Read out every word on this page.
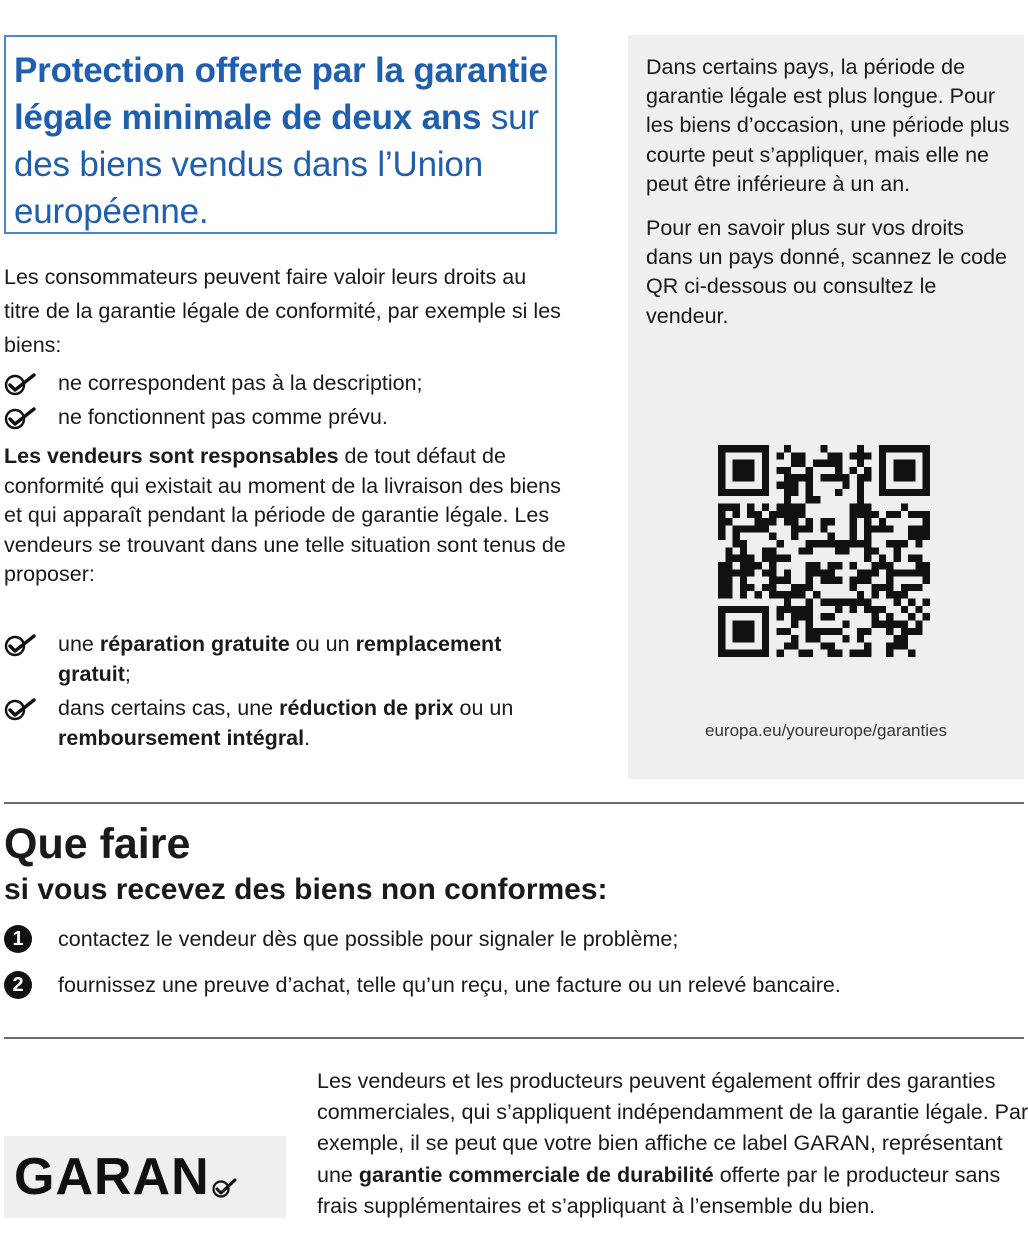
Protection offerte par la garantie légale minimale de deux ans sur des biens vendus dans l’Union européenne.

Les consommateurs peuvent faire valoir leurs droits au titre de la garantie légale de conformité, par exemple si les biens:

ne correspondent pas à la description;
ne fonctionnent pas comme prévu.

Les vendeurs sont responsables de tout défaut de conformité qui existait au moment de la livraison des biens et qui apparaît pendant la période de garantie légale. Les vendeurs se trouvant dans une telle situation sont tenus de proposer:

une réparation gratuite ou un remplacement gratuit;
dans certains cas, une réduction de prix ou un remboursement intégral.

Dans certains pays, la période de garantie légale est plus longue. Pour les biens d’occasion, une période plus courte peut s’appliquer, mais elle ne peut être inférieure à un an.

Pour en savoir plus sur vos droits dans un pays donné, scannez le code QR ci-dessous ou consultez le vendeur.

europa.eu/youreurope/garanties
Que faire
si vous recevez des biens non conformes:
1	contactez le vendeur dès que possible pour signaler le problème;
2	fournissez une preuve d’achat, telle qu’un reçu, une facture ou un relevé bancaire.
GARAN

Les vendeurs et les producteurs peuvent également offrir des garanties commerciales, qui s’appliquent indépendamment de la garantie légale. Par exemple, il se peut que votre bien affiche ce label GARAN, représentant une garantie commerciale de durabilité offerte par le producteur sans frais supplémentaires et s’appliquant à l’ensemble du bien.
